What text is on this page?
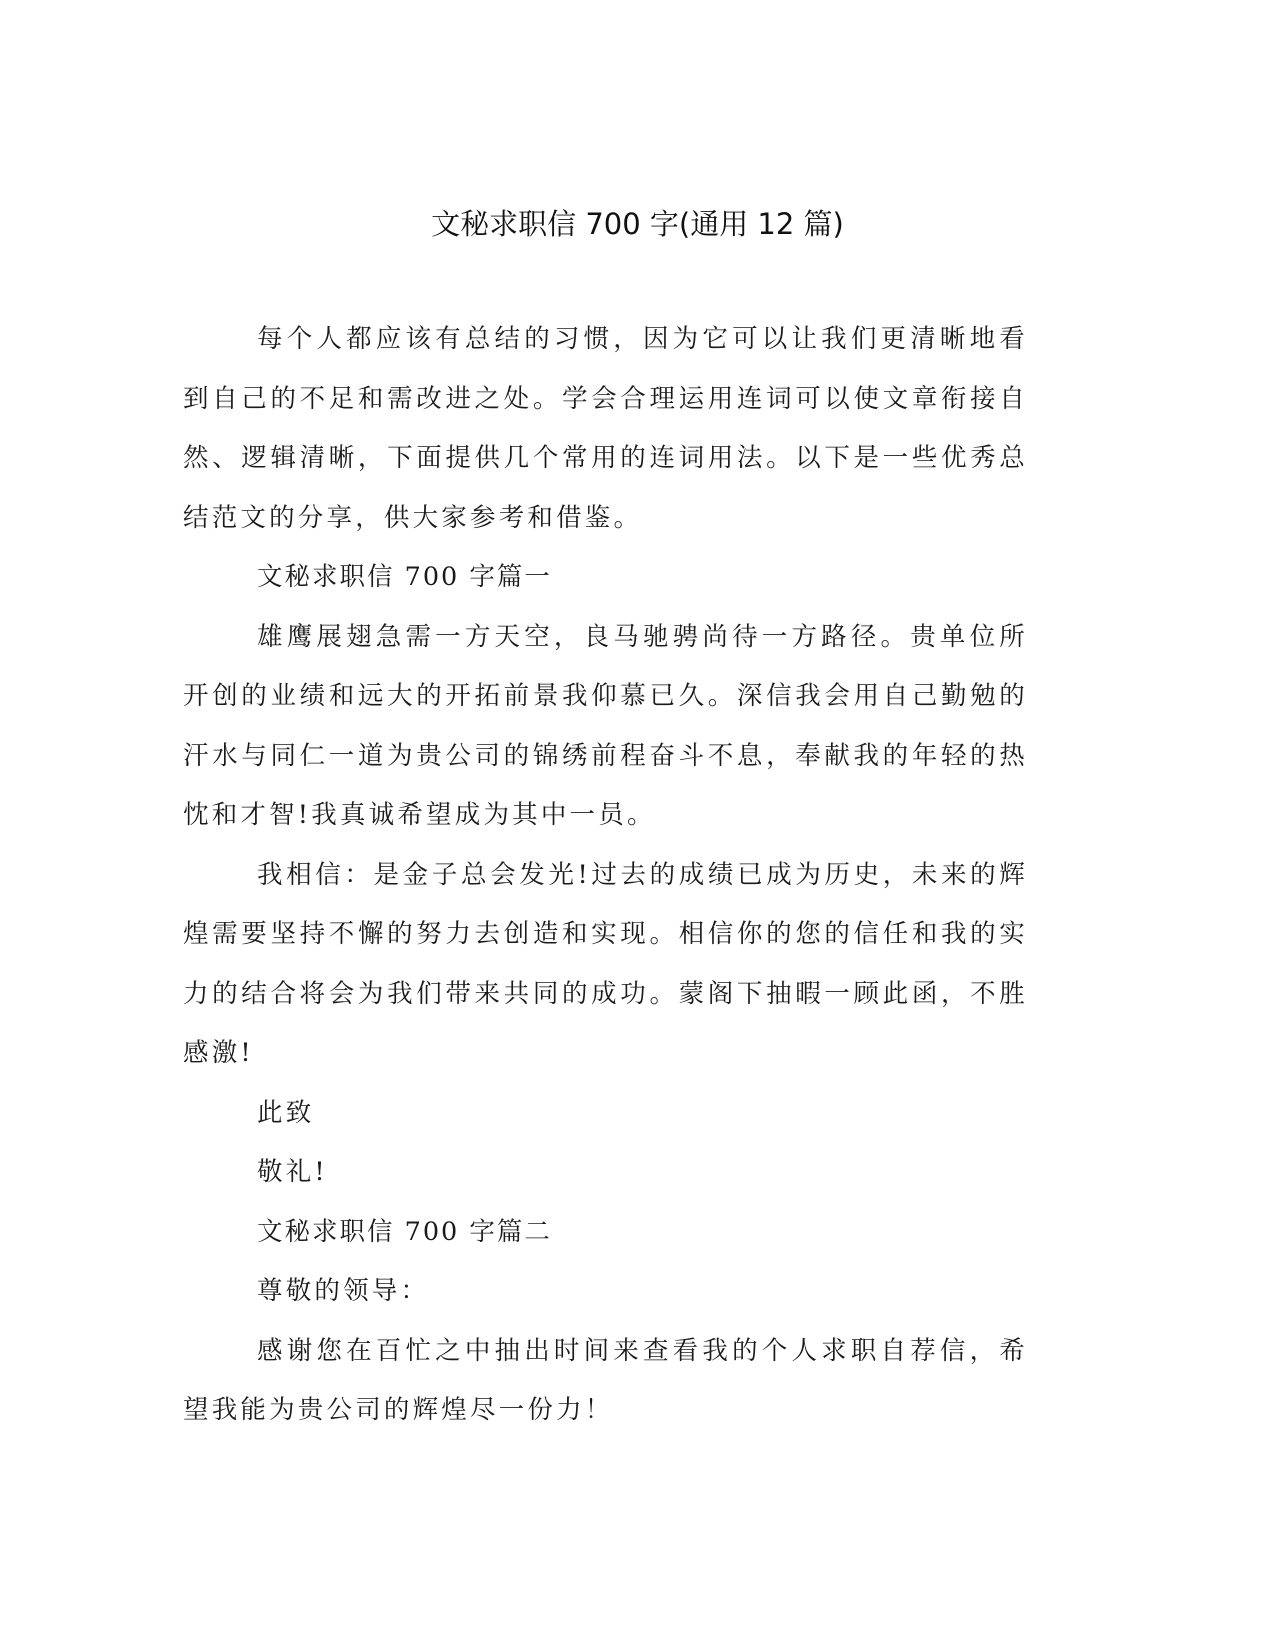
文秘求职信 700 字(通用 12 篇)

每个人都应该有总结的习惯，因为它可以让我们更清晰地看到自己的不足和需改进之处。学会合理运用连词可以使文章衔接自然、逻辑清晰，下面提供几个常用的连词用法。以下是一些优秀总结范文的分享，供大家参考和借鉴。

文秘求职信 700 字篇一

雄鹰展翅急需一方天空，良马驰骋尚待一方路径。贵单位所开创的业绩和远大的开拓前景我仰慕已久。深信我会用自己勤勉的汗水与同仁一道为贵公司的锦绣前程奋斗不息，奉献我的年轻的热忱和才智!我真诚希望成为其中一员。

我相信：是金子总会发光!过去的成绩已成为历史，未来的辉煌需要坚持不懈的努力去创造和实现。相信你的您的信任和我的实力的结合将会为我们带来共同的成功。蒙阁下抽暇一顾此函，不胜感激!

此致

敬礼!

文秘求职信 700 字篇二

尊敬的领导：

感谢您在百忙之中抽出时间来查看我的个人求职自荐信，希望我能为贵公司的辉煌尽一份力！
